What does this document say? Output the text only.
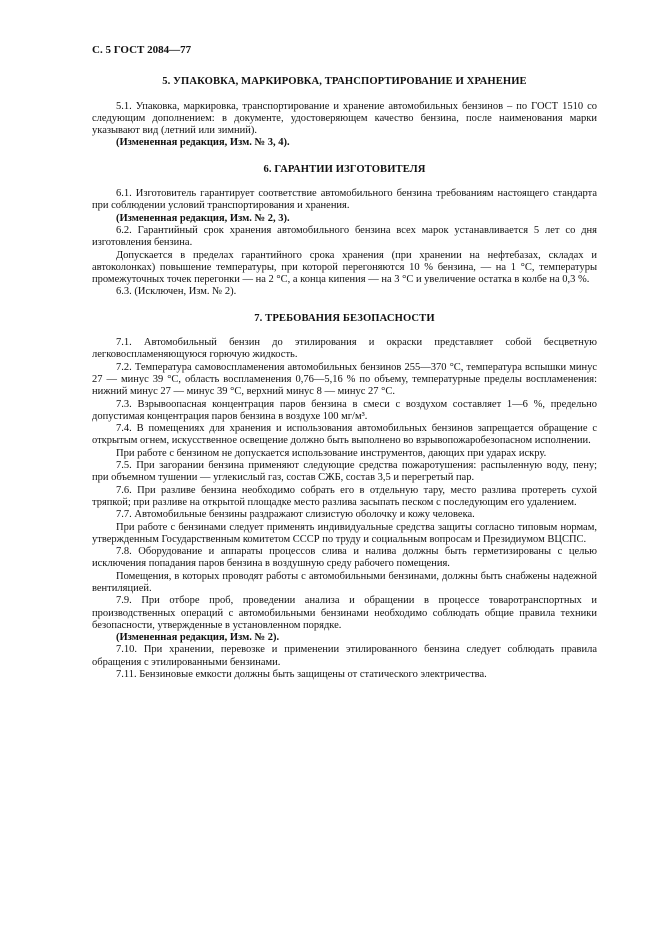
С. 5 ГОСТ 2084—77
5. УПАКОВКА, МАРКИРОВКА, ТРАНСПОРТИРОВАНИЕ И ХРАНЕНИЕ

5.1. Упаковка, маркировка, транспортирование и хранение автомобильных бензинов – по ГОСТ 1510 со следующим дополнением: в документе, удостоверяющем качество бензина, после наименования марки указывают вид (летний или зимний).

(Измененная редакция, Изм. № 3, 4).

6. ГАРАНТИИ ИЗГОТОВИТЕЛЯ

6.1. Изготовитель гарантирует соответствие автомобильного бензина требованиям настоящего стандарта при соблюдении условий транспортирования и хранения.

(Измененная редакция, Изм. № 2, 3).

6.2. Гарантийный срок хранения автомобильного бензина всех марок устанавливается 5 лет со дня изготовления бензина.

Допускается в пределах гарантийного срока хранения (при хранении на нефтебазах, складах и автоколонках) повышение температуры, при которой перегоняются 10 % бензина, — на 1 °С, температуры промежуточных точек перегонки — на 2 °С, а конца кипения — на 3 °С и увеличение остатка в колбе на 0,3 %.

6.3. (Исключен, Изм. № 2).

7. ТРЕБОВАНИЯ БЕЗОПАСНОСТИ

7.1. Автомобильный бензин до этилирования и окраски представляет собой бесцветную легковоспламеняющуюся горючую жидкость.

7.2. Температура самовоспламенения автомобильных бензинов 255—370 °С, температура вспышки минус 27 — минус 39 °С, область воспламенения 0,76—5,16 % по объему, температурные пределы воспламенения: нижний минус 27 — минус 39 °С, верхний минус 8 — минус 27 °С.

7.3. Взрывоопасная концентрация паров бензина в смеси с воздухом составляет 1—6 %, предельно допустимая концентрация паров бензина в воздухе 100 мг/м³.

7.4. В помещениях для хранения и использования автомобильных бензинов запрещается обращение с открытым огнем, искусственное освещение должно быть выполнено во взрывопожаробезопасном исполнении.

При работе с бензином не допускается использование инструментов, дающих при ударах искру.

7.5. При загорании бензина применяют следующие средства пожаротушения: распыленную воду, пену; при объемном тушении — углекислый газ, состав СЖБ, состав 3,5 и перегретый пар.

7.6. При разливе бензина необходимо собрать его в отдельную тару, место разлива протереть сухой тряпкой; при разливе на открытой площадке место разлива засыпать песком с последующим его удалением.

7.7. Автомобильные бензины раздражают слизистую оболочку и кожу человека.

При работе с бензинами следует применять индивидуальные средства защиты согласно типовым нормам, утвержденным Государственным комитетом СССР по труду и социальным вопросам и Президиумом ВЦСПС.

7.8. Оборудование и аппараты процессов слива и налива должны быть герметизированы с целью исключения попадания паров бензина в воздушную среду рабочего помещения.

Помещения, в которых проводят работы с автомобильными бензинами, должны быть снабжены надежной вентиляцией.

7.9. При отборе проб, проведении анализа и обращении в процессе товаротранспортных и производственных операций с автомобильными бензинами необходимо соблюдать общие правила техники безопасности, утвержденные в установленном порядке.

(Измененная редакция, Изм. № 2).

7.10. При хранении, перевозке и применении этилированного бензина следует соблюдать правила обращения с этилированными бензинами.

7.11. Бензиновые емкости должны быть защищены от статического электричества.
